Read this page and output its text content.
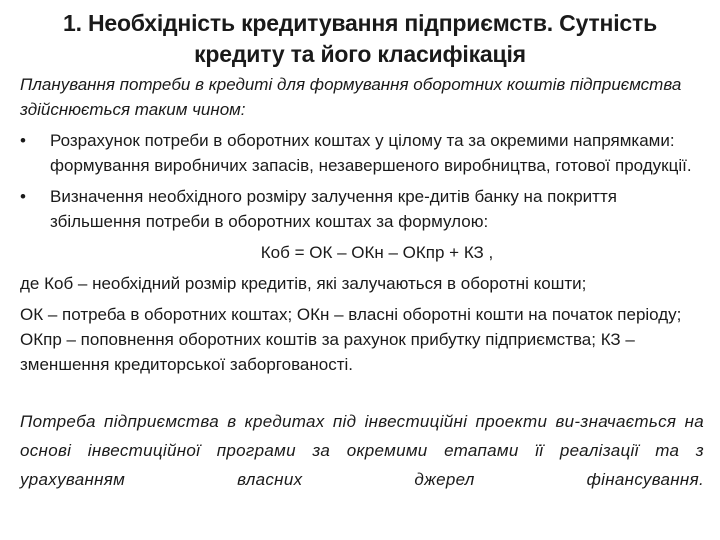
1. Необхідність кредитування підприємств. Сутність кредиту та його класифікація

Планування потреби в кредиті для формування оборотних коштів підприємства здійснюється таким чином:

•	Розрахунок потреби в оборотних коштах у цілому та за окремими напрямками: формування виробничих запасів, незавершеного виробництва, готової продукції.
•	Визначення необхідного розміру залучення кре-дитів банку на покриття збільшення потреби в оборотних коштах за формулою:
Коб = ОК – ОКн – ОКпр + КЗ ,

де Коб – необхідний розмір кредитів, які залучаються в оборотні кошти;

ОК – потреба в оборотних коштах; ОКн – власні оборотні кошти на початок періоду; ОКпр – поповнення оборотних коштів за рахунок прибутку підприємства; КЗ – зменшення кредиторської заборгованості.

Потреба підприємства в кредитах під інвестиційні проекти ви-значається на основі інвестиційної програми за окремими етапами її реалізації та з урахуванням власних джерел фінансування.
